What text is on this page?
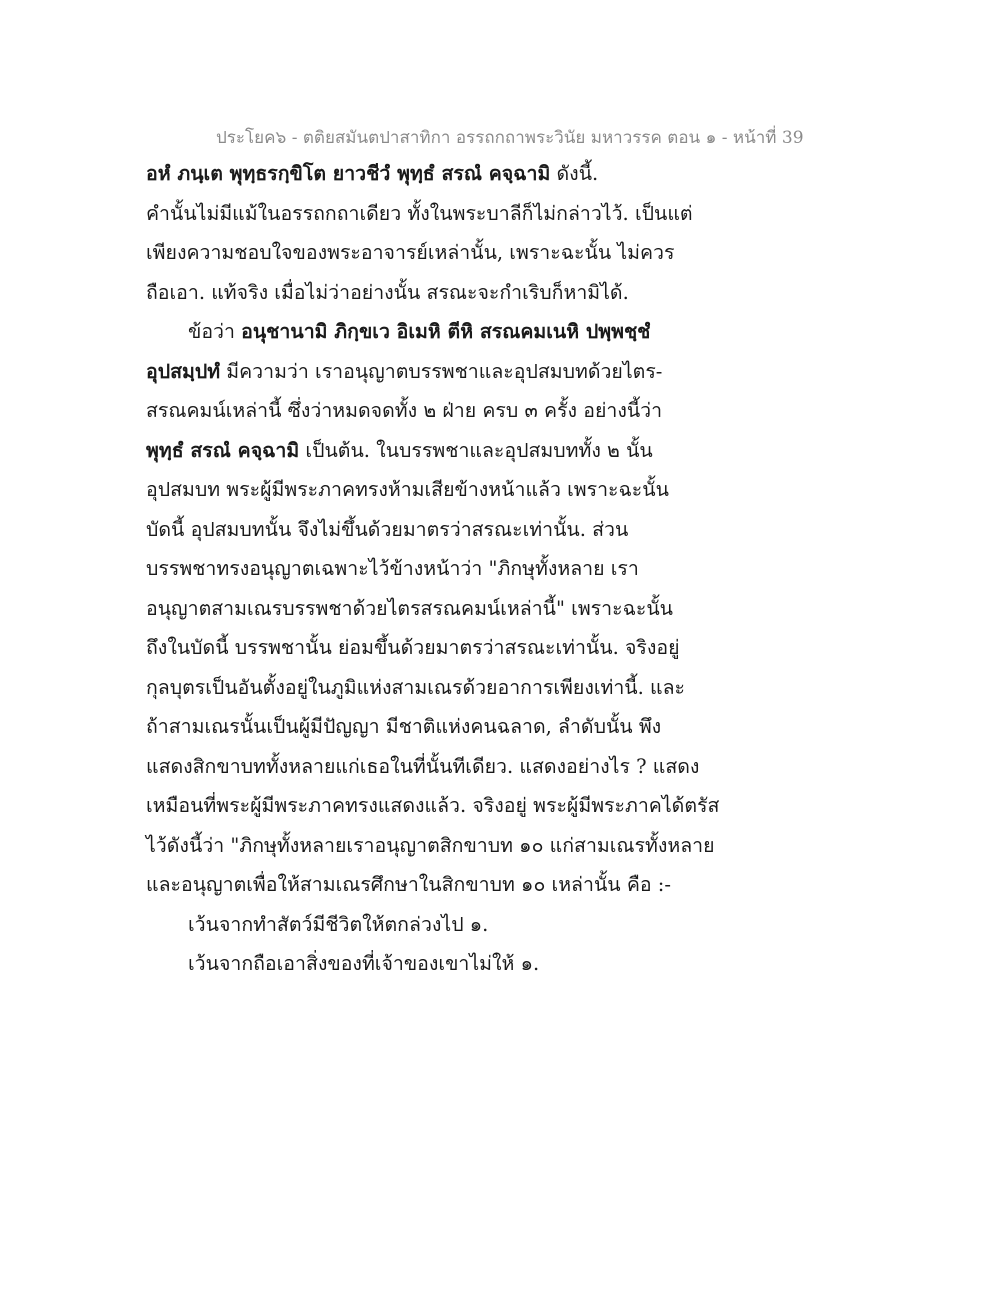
ประโยค๖ - ตติยสมันตปาสาทิกา อรรถกถาพระวินัย มหาวรรค ตอน ๑ - หน้าที่ 39
อหํ ภนฺเต พุทฺธรกฺขิโต ยาวชีวํ พุทฺธํ สรณํ คจฺฉามิ ดังนี้.
คำนั้นไม่มีแม้ในอรรถกถาเดียว ทั้งในพระบาลีก็ไม่กล่าวไว้. เป็นแต่
เพียงความชอบใจของพระอาจารย์เหล่านั้น, เพราะฉะนั้น ไม่ควร
ถือเอา. แท้จริง เมื่อไม่ว่าอย่างนั้น สรณะจะกำเริบก็หามิได้.
ข้อว่า อนุชานามิ ภิกฺขเว อิเมหิ ตีหิ สรณคมเนหิ ปพฺพชฺชํ
อุปสมฺปทํ มีความว่า เราอนุญาตบรรพชาและอุปสมบทด้วยไตร-
สรณคมน์เหล่านี้ ซึ่งว่าหมดจดทั้ง ๒ ฝ่าย ครบ ๓ ครั้ง อย่างนี้ว่า
พุทฺธํ สรณํ คจฺฉามิ เป็นต้น. ในบรรพชาและอุปสมบททั้ง ๒ นั้น
อุปสมบท พระผู้มีพระภาคทรงห้ามเสียข้างหน้าแล้ว เพราะฉะนั้น
บัดนี้ อุปสมบทนั้น จึงไม่ขึ้นด้วยมาตรว่าสรณะเท่านั้น. ส่วน
บรรพชาทรงอนุญาตเฉพาะไว้ข้างหน้าว่า "ภิกษุทั้งหลาย เรา
อนุญาตสามเณรบรรพชาด้วยไตรสรณคมน์เหล่านี้" เพราะฉะนั้น
ถึงในบัดนี้ บรรพชานั้น ย่อมขึ้นด้วยมาตรว่าสรณะเท่านั้น. จริงอยู่
กุลบุตรเป็นอันตั้งอยู่ในภูมิแห่งสามเณรด้วยอาการเพียงเท่านี้. และ
ถ้าสามเณรนั้นเป็นผู้มีปัญญา มีชาติแห่งคนฉลาด, ลำดับนั้น พึง
แสดงสิกขาบททั้งหลายแก่เธอในที่นั้นทีเดียว. แสดงอย่างไร ? แสดง
เหมือนที่พระผู้มีพระภาคทรงแสดงแล้ว. จริงอยู่ พระผู้มีพระภาคได้ตรัส
ไว้ดังนี้ว่า "ภิกษุทั้งหลายเราอนุญาตสิกขาบท ๑๐ แก่สามเณรทั้งหลาย
และอนุญาตเพื่อให้สามเณรศึกษาในสิกขาบท ๑๐ เหล่านั้น คือ :-
เว้นจากทำสัตว์มีชีวิตให้ตกล่วงไป ๑.
เว้นจากถือเอาสิ่งของที่เจ้าของเขาไม่ให้ ๑.
